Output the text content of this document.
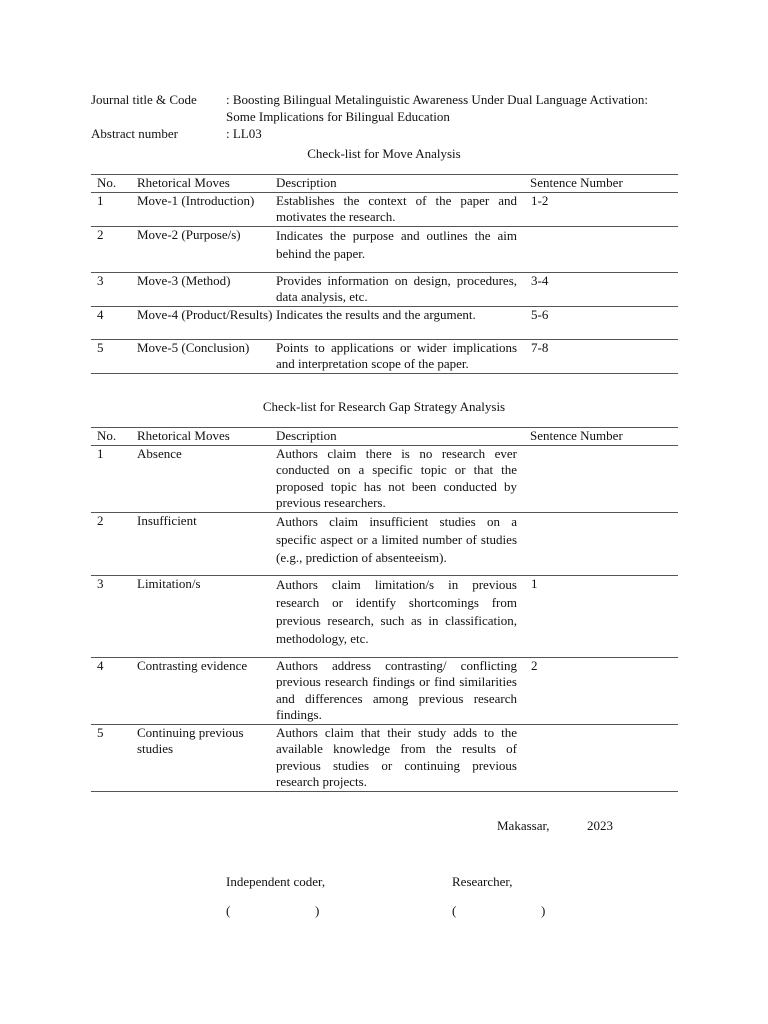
Journal title & Code	: Boosting Bilingual Metalinguistic Awareness Under Dual Language Activation:
Some Implications for Bilingual Education
Abstract number	: LL03
Check-list for Move Analysis
No.	Rhetorical Moves	Description	Sentence Number
1	Move-1 (Introduction)	Establishes the context of the paper and motivates the research.	1-2
2	Move-2 (Purpose/s)	Indicates the purpose and outlines the aim behind the paper.	
3	Move-3 (Method)	Provides information on design, procedures, data analysis, etc.	3-4
4	Move-4 (Product/Results)	Indicates the results and the argument.	5-6
5	Move-5 (Conclusion)	Points to applications or wider implications and interpretation scope of the paper.	7-8
Check-list for Research Gap Strategy Analysis
No.	Rhetorical Moves	Description	Sentence Number
1	Absence	Authors claim there is no research ever conducted on a specific topic or that the proposed topic has not been conducted by previous researchers.	
2	Insufficient	Authors claim insufficient studies on a specific aspect or a limited number of studies (e.g., prediction of absenteeism).	
3	Limitation/s	Authors claim limitation/s in previous research or identify shortcomings from previous research, such as in classification, methodology, etc.	1
4	Contrasting evidence	Authors address contrasting/ conflicting previous research findings or find similarities and differences among previous research findings.	2
5	Continuing previous studies	Authors claim that their study adds to the available knowledge from the results of previous studies or continuing previous research projects.	
Makassar,	2023
Independent coder,	Researcher,
(	)	(	)
